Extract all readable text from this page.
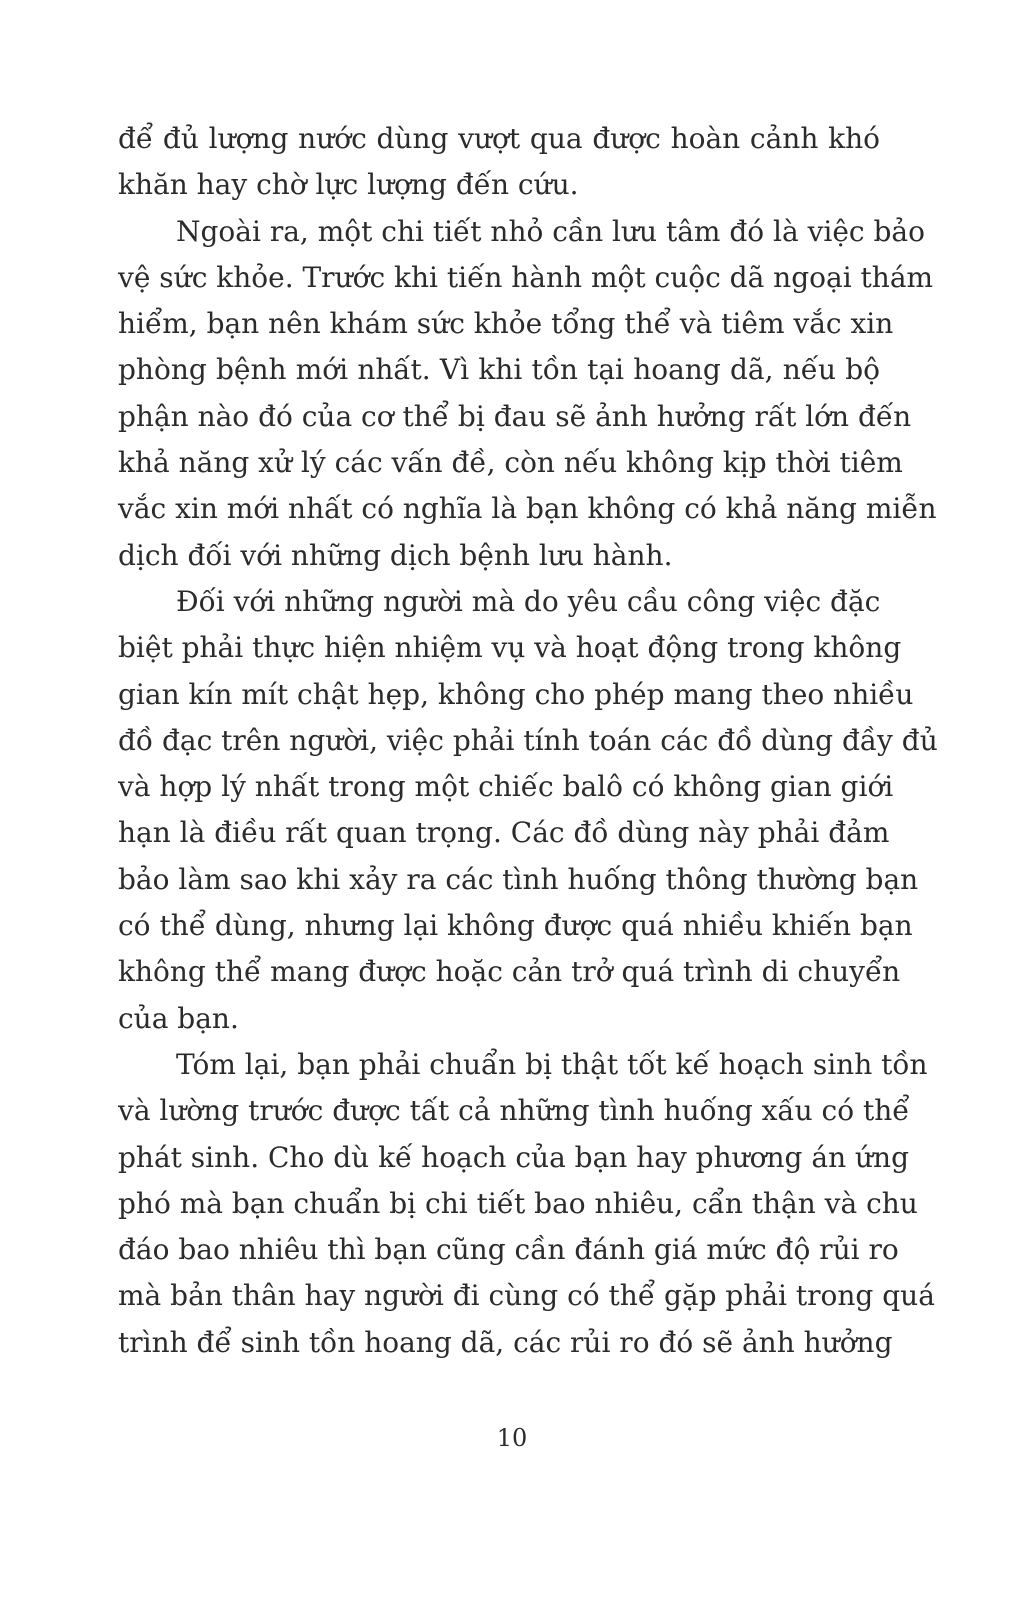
để đủ lượng nước dùng vượt qua được hoàn cảnh khó
khăn hay chờ lực lượng đến cứu.
Ngoài ra, một chi tiết nhỏ cần lưu tâm đó là việc bảo
vệ sức khỏe. Trước khi tiến hành một cuộc dã ngoại thám
hiểm, bạn nên khám sức khỏe tổng thể và tiêm vắc xin
phòng bệnh mới nhất. Vì khi tồn tại hoang dã, nếu bộ
phận nào đó của cơ thể bị đau sẽ ảnh hưởng rất lớn đến
khả năng xử lý các vấn đề, còn nếu không kịp thời tiêm
vắc xin mới nhất có nghĩa là bạn không có khả năng miễn
dịch đối với những dịch bệnh lưu hành.
Đối với những người mà do yêu cầu công việc đặc
biệt phải thực hiện nhiệm vụ và hoạt động trong không
gian kín mít chật hẹp, không cho phép mang theo nhiều
đồ đạc trên người, việc phải tính toán các đồ dùng đầy đủ
và hợp lý nhất trong một chiếc balô có không gian giới
hạn là điều rất quan trọng. Các đồ dùng này phải đảm
bảo làm sao khi xảy ra các tình huống thông thường bạn
có thể dùng, nhưng lại không được quá nhiều khiến bạn
không thể mang được hoặc cản trở quá trình di chuyển
của bạn.
Tóm lại, bạn phải chuẩn bị thật tốt kế hoạch sinh tồn
và lường trước được tất cả những tình huống xấu có thể
phát sinh. Cho dù kế hoạch của bạn hay phương án ứng
phó mà bạn chuẩn bị chi tiết bao nhiêu, cẩn thận và chu
đáo bao nhiêu thì bạn cũng cần đánh giá mức độ rủi ro
mà bản thân hay người đi cùng có thể gặp phải trong quá
trình để sinh tồn hoang dã, các rủi ro đó sẽ ảnh hưởng
10
